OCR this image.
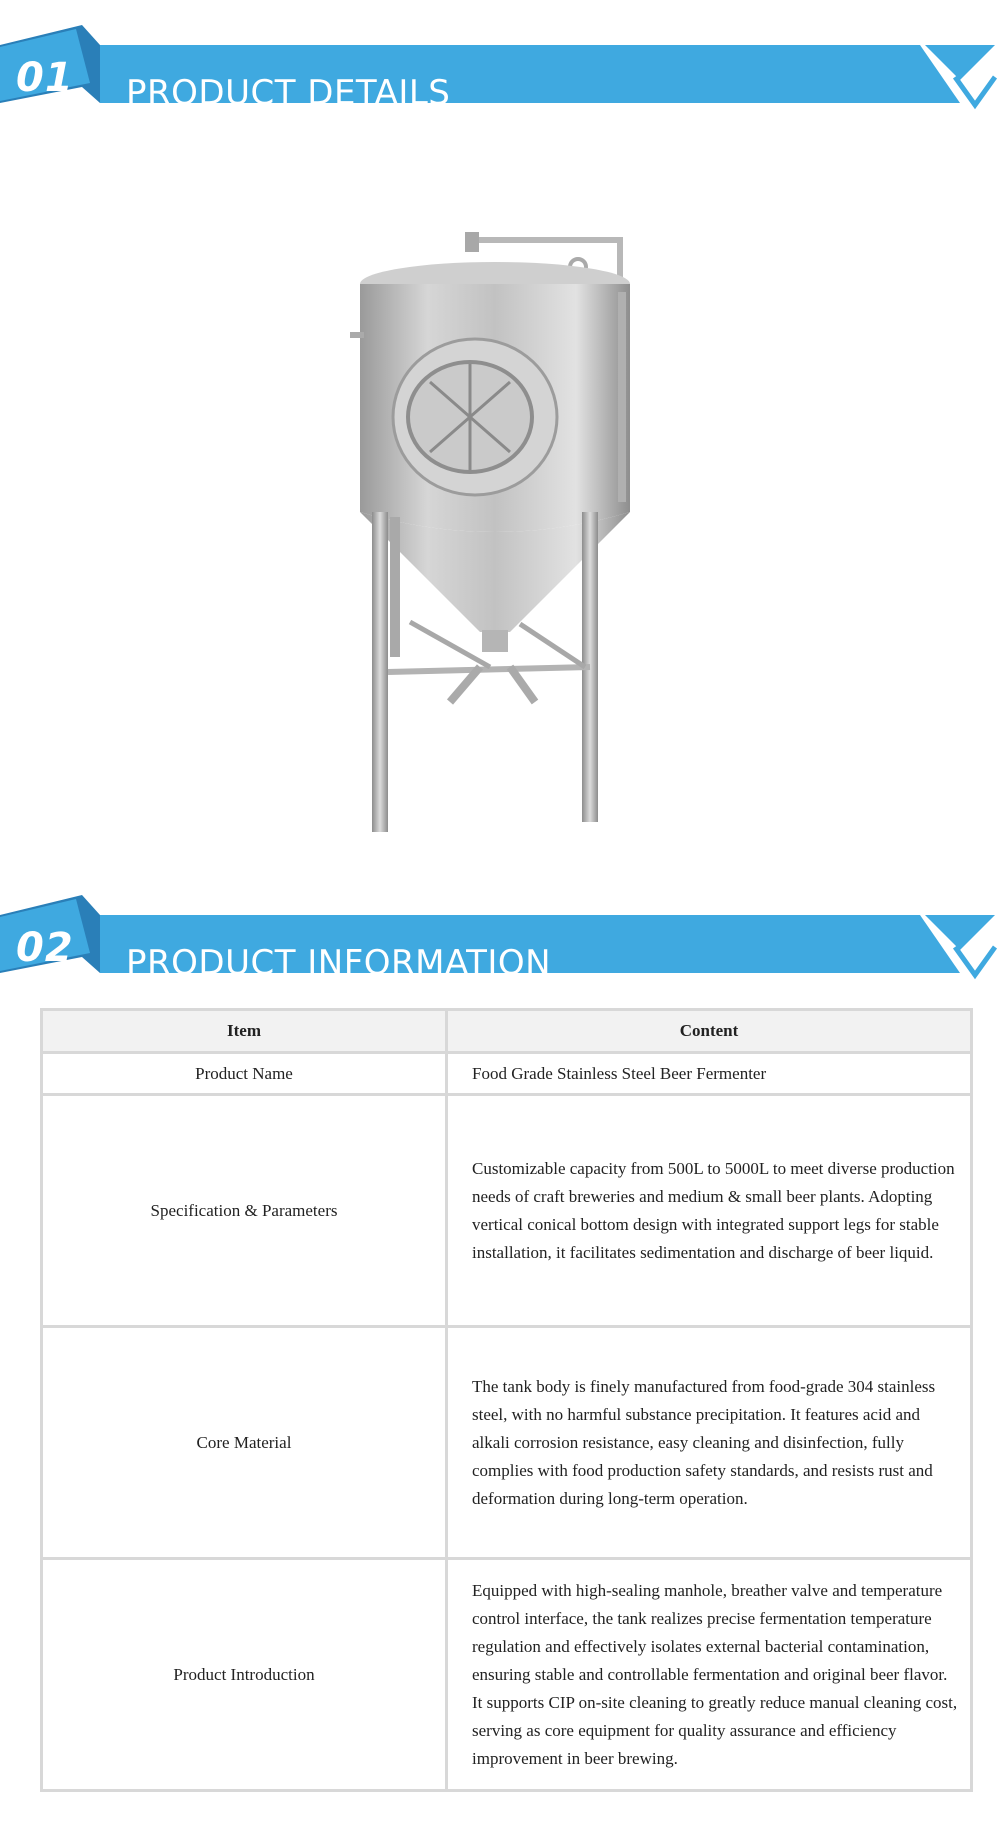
01 PRODUCT DETAILS
02 PRODUCT INFORMATION
Item	Content
Product Name	Food Grade Stainless Steel Beer Fermenter
Specification & Parameters	Customizable capacity from 500L to 5000L to meet diverse production needs of craft breweries and medium & small beer plants. Adopting vertical conical bottom design with integrated support legs for stable installation, it facilitates sedimentation and discharge of beer liquid.
Core Material	The tank body is finely manufactured from food-grade 304 stainless steel, with no harmful substance precipitation. It features acid and alkali corrosion resistance, easy cleaning and disinfection, fully complies with food production safety standards, and resists rust and deformation during long-term operation.
Product Introduction	Equipped with high-sealing manhole, breather valve and temperature control interface, the tank realizes precise fermentation temperature regulation and effectively isolates external bacterial contamination, ensuring stable and controllable fermentation and original beer flavor. It supports CIP on-site cleaning to greatly reduce manual cleaning cost, serving as core equipment for quality assurance and efficiency improvement in beer brewing.
